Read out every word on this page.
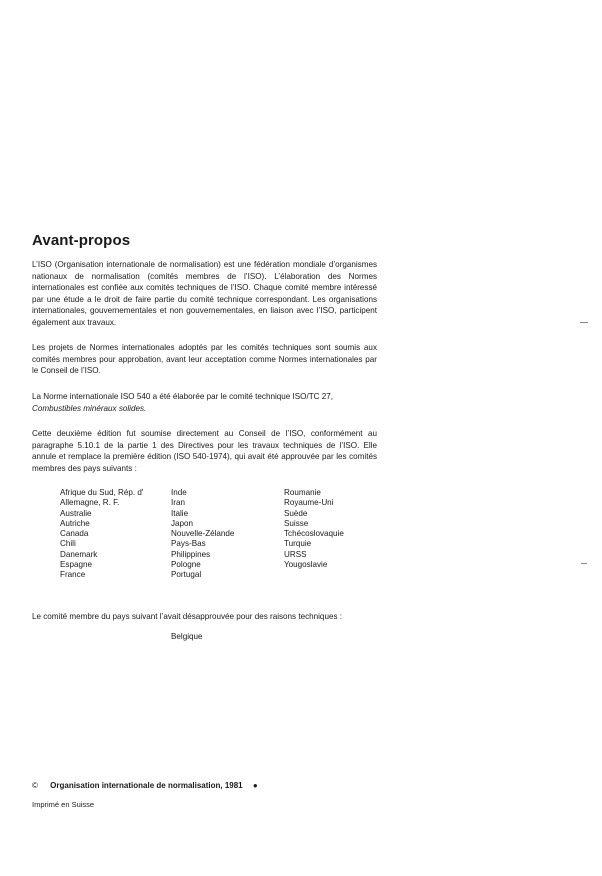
Avant-propos

L’ISO (Organisation internationale de normalisation) est une fédération mondiale d’organismes nationaux de normalisation (comités membres de l’ISO). L’élaboration des Normes internationales est confiée aux comités techniques de l’ISO. Chaque comité membre intéressé par une étude a le droit de faire partie du comité technique correspondant. Les organisations internationales, gouvernementales et non gouvernementales, en liaison avec l’ISO, participent également aux travaux.

Les projets de Normes internationales adoptés par les comités techniques sont soumis aux comités membres pour approbation, avant leur acceptation comme Normes internationales par le Conseil de l’ISO.

La Norme internationale ISO 540 a été élaborée par le comité technique ISO/TC 27,
Combustibles minéraux solides.

Cette deuxième édition fut soumise directement au Conseil de l’ISO, conformément au paragraphe 5.10.1 de la partie 1 des Directives pour les travaux techniques de l’ISO. Elle annule et remplace la première édition (ISO 540-1974), qui avait été approuvée par les comités membres des pays suivants :

Afrique du Sud, Rép. d'
Allemagne, R. F.
Australie
Autriche
Canada
Chili
Danemark
Espagne
France
Inde
Iran
Italie
Japon
Nouvelle-Zélande
Pays-Bas
Philippines
Pologne
Portugal
Roumanie
Royaume-Uni
Suède
Suisse
Tchécoslovaquie
Turquie
URSS
Yougoslavie

Le comité membre du pays suivant l’avait désapprouvée pour des raisons techniques :

Belgique
© Organisation internationale de normalisation, 1981 ●
Imprimé en Suisse
